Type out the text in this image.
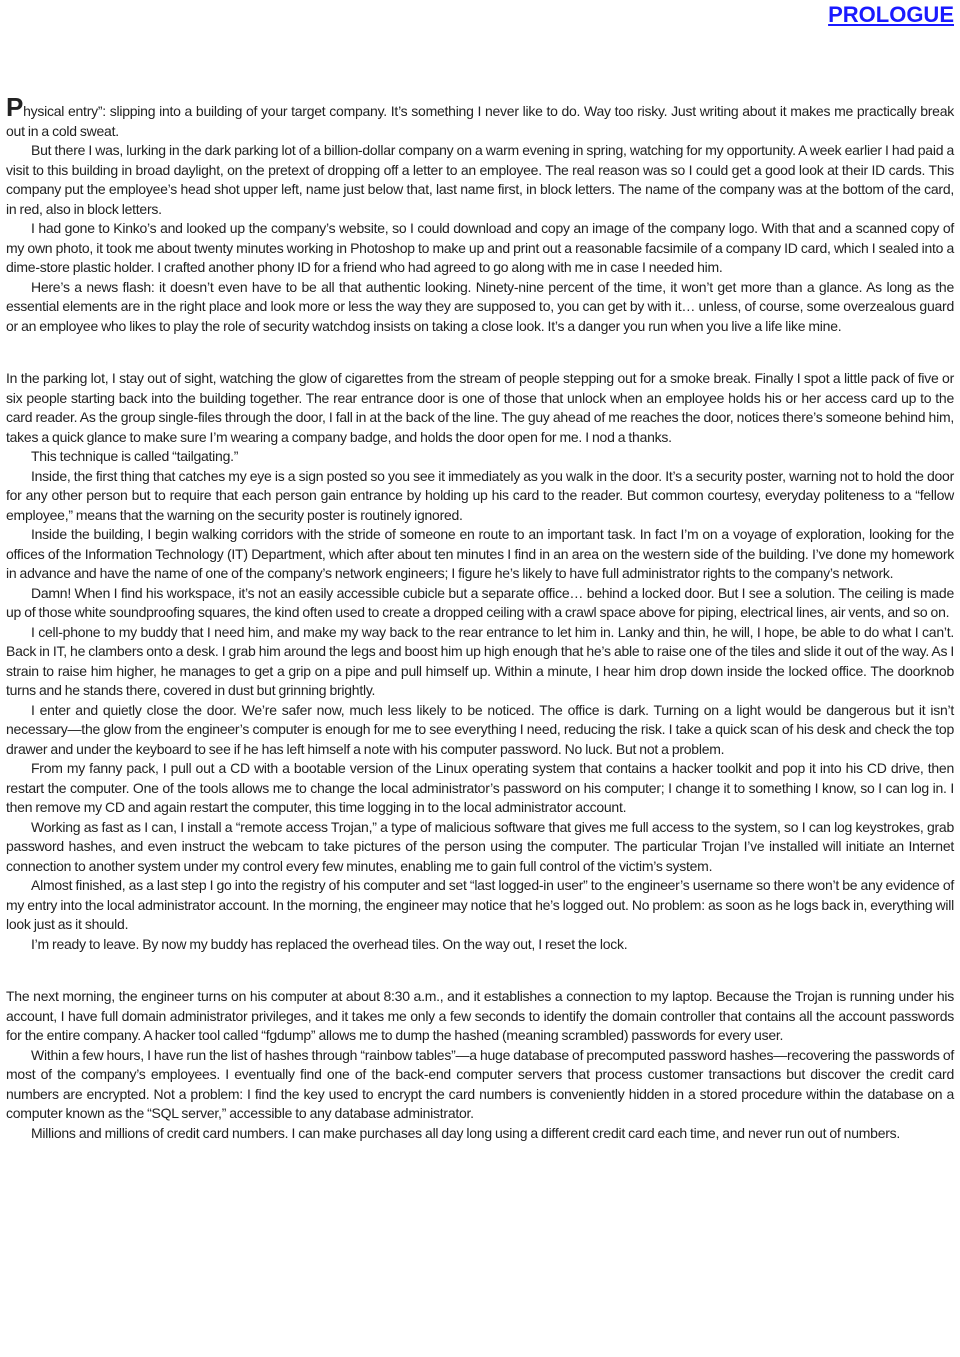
PROLOGUE

Physical entry”: slipping into a building of your target company. It’s something I never like to do. Way too risky. Just writing about it makes me practically break out in a cold sweat.

But there I was, lurking in the dark parking lot of a billion-dollar company on a warm evening in spring, watching for my opportunity. A week earlier I had paid a visit to this building in broad daylight, on the pretext of dropping off a letter to an employee. The real reason was so I could get a good look at their ID cards. This company put the employee’s head shot upper left, name just below that, last name first, in block letters. The name of the company was at the bottom of the card, in red, also in block letters.

I had gone to Kinko’s and looked up the company’s website, so I could download and copy an image of the company logo. With that and a scanned copy of my own photo, it took me about twenty minutes working in Photoshop to make up and print out a reasonable facsimile of a company ID card, which I sealed into a dime-store plastic holder. I crafted another phony ID for a friend who had agreed to go along with me in case I needed him.

Here’s a news flash: it doesn’t even have to be all that authentic looking. Ninety-nine percent of the time, it won’t get more than a glance. As long as the essential elements are in the right place and look more or less the way they are supposed to, you can get by with it… unless, of course, some overzealous guard or an employee who likes to play the role of security watchdog insists on taking a close look. It’s a danger you run when you live a life like mine.

In the parking lot, I stay out of sight, watching the glow of cigarettes from the stream of people stepping out for a smoke break. Finally I spot a little pack of five or six people starting back into the building together. The rear entrance door is one of those that unlock when an employee holds his or her access card up to the card reader. As the group single-files through the door, I fall in at the back of the line. The guy ahead of me reaches the door, notices there’s someone behind him, takes a quick glance to make sure I’m wearing a company badge, and holds the door open for me. I nod a thanks.

This technique is called “tailgating.”

Inside, the first thing that catches my eye is a sign posted so you see it immediately as you walk in the door. It’s a security poster, warning not to hold the door for any other person but to require that each person gain entrance by holding up his card to the reader. But common courtesy, everyday politeness to a “fellow employee,” means that the warning on the security poster is routinely ignored.

Inside the building, I begin walking corridors with the stride of someone en route to an important task. In fact I’m on a voyage of exploration, looking for the offices of the Information Technology (IT) Department, which after about ten minutes I find in an area on the western side of the building. I’ve done my homework in advance and have the name of one of the company’s network engineers; I figure he’s likely to have full administrator rights to the company’s network.

Damn! When I find his workspace, it’s not an easily accessible cubicle but a separate office… behind a locked door. But I see a solution. The ceiling is made up of those white soundproofing squares, the kind often used to create a dropped ceiling with a crawl space above for piping, electrical lines, air vents, and so on.

I cell-phone to my buddy that I need him, and make my way back to the rear entrance to let him in. Lanky and thin, he will, I hope, be able to do what I can’t. Back in IT, he clambers onto a desk. I grab him around the legs and boost him up high enough that he’s able to raise one of the tiles and slide it out of the way. As I strain to raise him higher, he manages to get a grip on a pipe and pull himself up. Within a minute, I hear him drop down inside the locked office. The doorknob turns and he stands there, covered in dust but grinning brightly.

I enter and quietly close the door. We’re safer now, much less likely to be noticed. The office is dark. Turning on a light would be dangerous but it isn’t necessary—the glow from the engineer’s computer is enough for me to see everything I need, reducing the risk. I take a quick scan of his desk and check the top drawer and under the keyboard to see if he has left himself a note with his computer password. No luck. But not a problem.

From my fanny pack, I pull out a CD with a bootable version of the Linux operating system that contains a hacker toolkit and pop it into his CD drive, then restart the computer. One of the tools allows me to change the local administrator’s password on his computer; I change it to something I know, so I can log in. I then remove my CD and again restart the computer, this time logging in to the local administrator account.

Working as fast as I can, I install a “remote access Trojan,” a type of malicious software that gives me full access to the system, so I can log keystrokes, grab password hashes, and even instruct the webcam to take pictures of the person using the computer. The particular Trojan I’ve installed will initiate an Internet connection to another system under my control every few minutes, enabling me to gain full control of the victim’s system.

Almost finished, as a last step I go into the registry of his computer and set “last logged-in user” to the engineer’s username so there won’t be any evidence of my entry into the local administrator account. In the morning, the engineer may notice that he’s logged out. No problem: as soon as he logs back in, everything will look just as it should.

I’m ready to leave. By now my buddy has replaced the overhead tiles. On the way out, I reset the lock.

The next morning, the engineer turns on his computer at about 8:30 a.m., and it establishes a connection to my laptop. Because the Trojan is running under his account, I have full domain administrator privileges, and it takes me only a few seconds to identify the domain controller that contains all the account passwords for the entire company. A hacker tool called “fgdump” allows me to dump the hashed (meaning scrambled) passwords for every user.

Within a few hours, I have run the list of hashes through “rainbow tables”—a huge database of precomputed password hashes—recovering the passwords of most of the company’s employees. I eventually find one of the back-end computer servers that process customer transactions but discover the credit card numbers are encrypted. Not a problem: I find the key used to encrypt the card numbers is conveniently hidden in a stored procedure within the database on a computer known as the “SQL server,” accessible to any database administrator.

Millions and millions of credit card numbers. I can make purchases all day long using a different credit card each time, and never run out of numbers.
